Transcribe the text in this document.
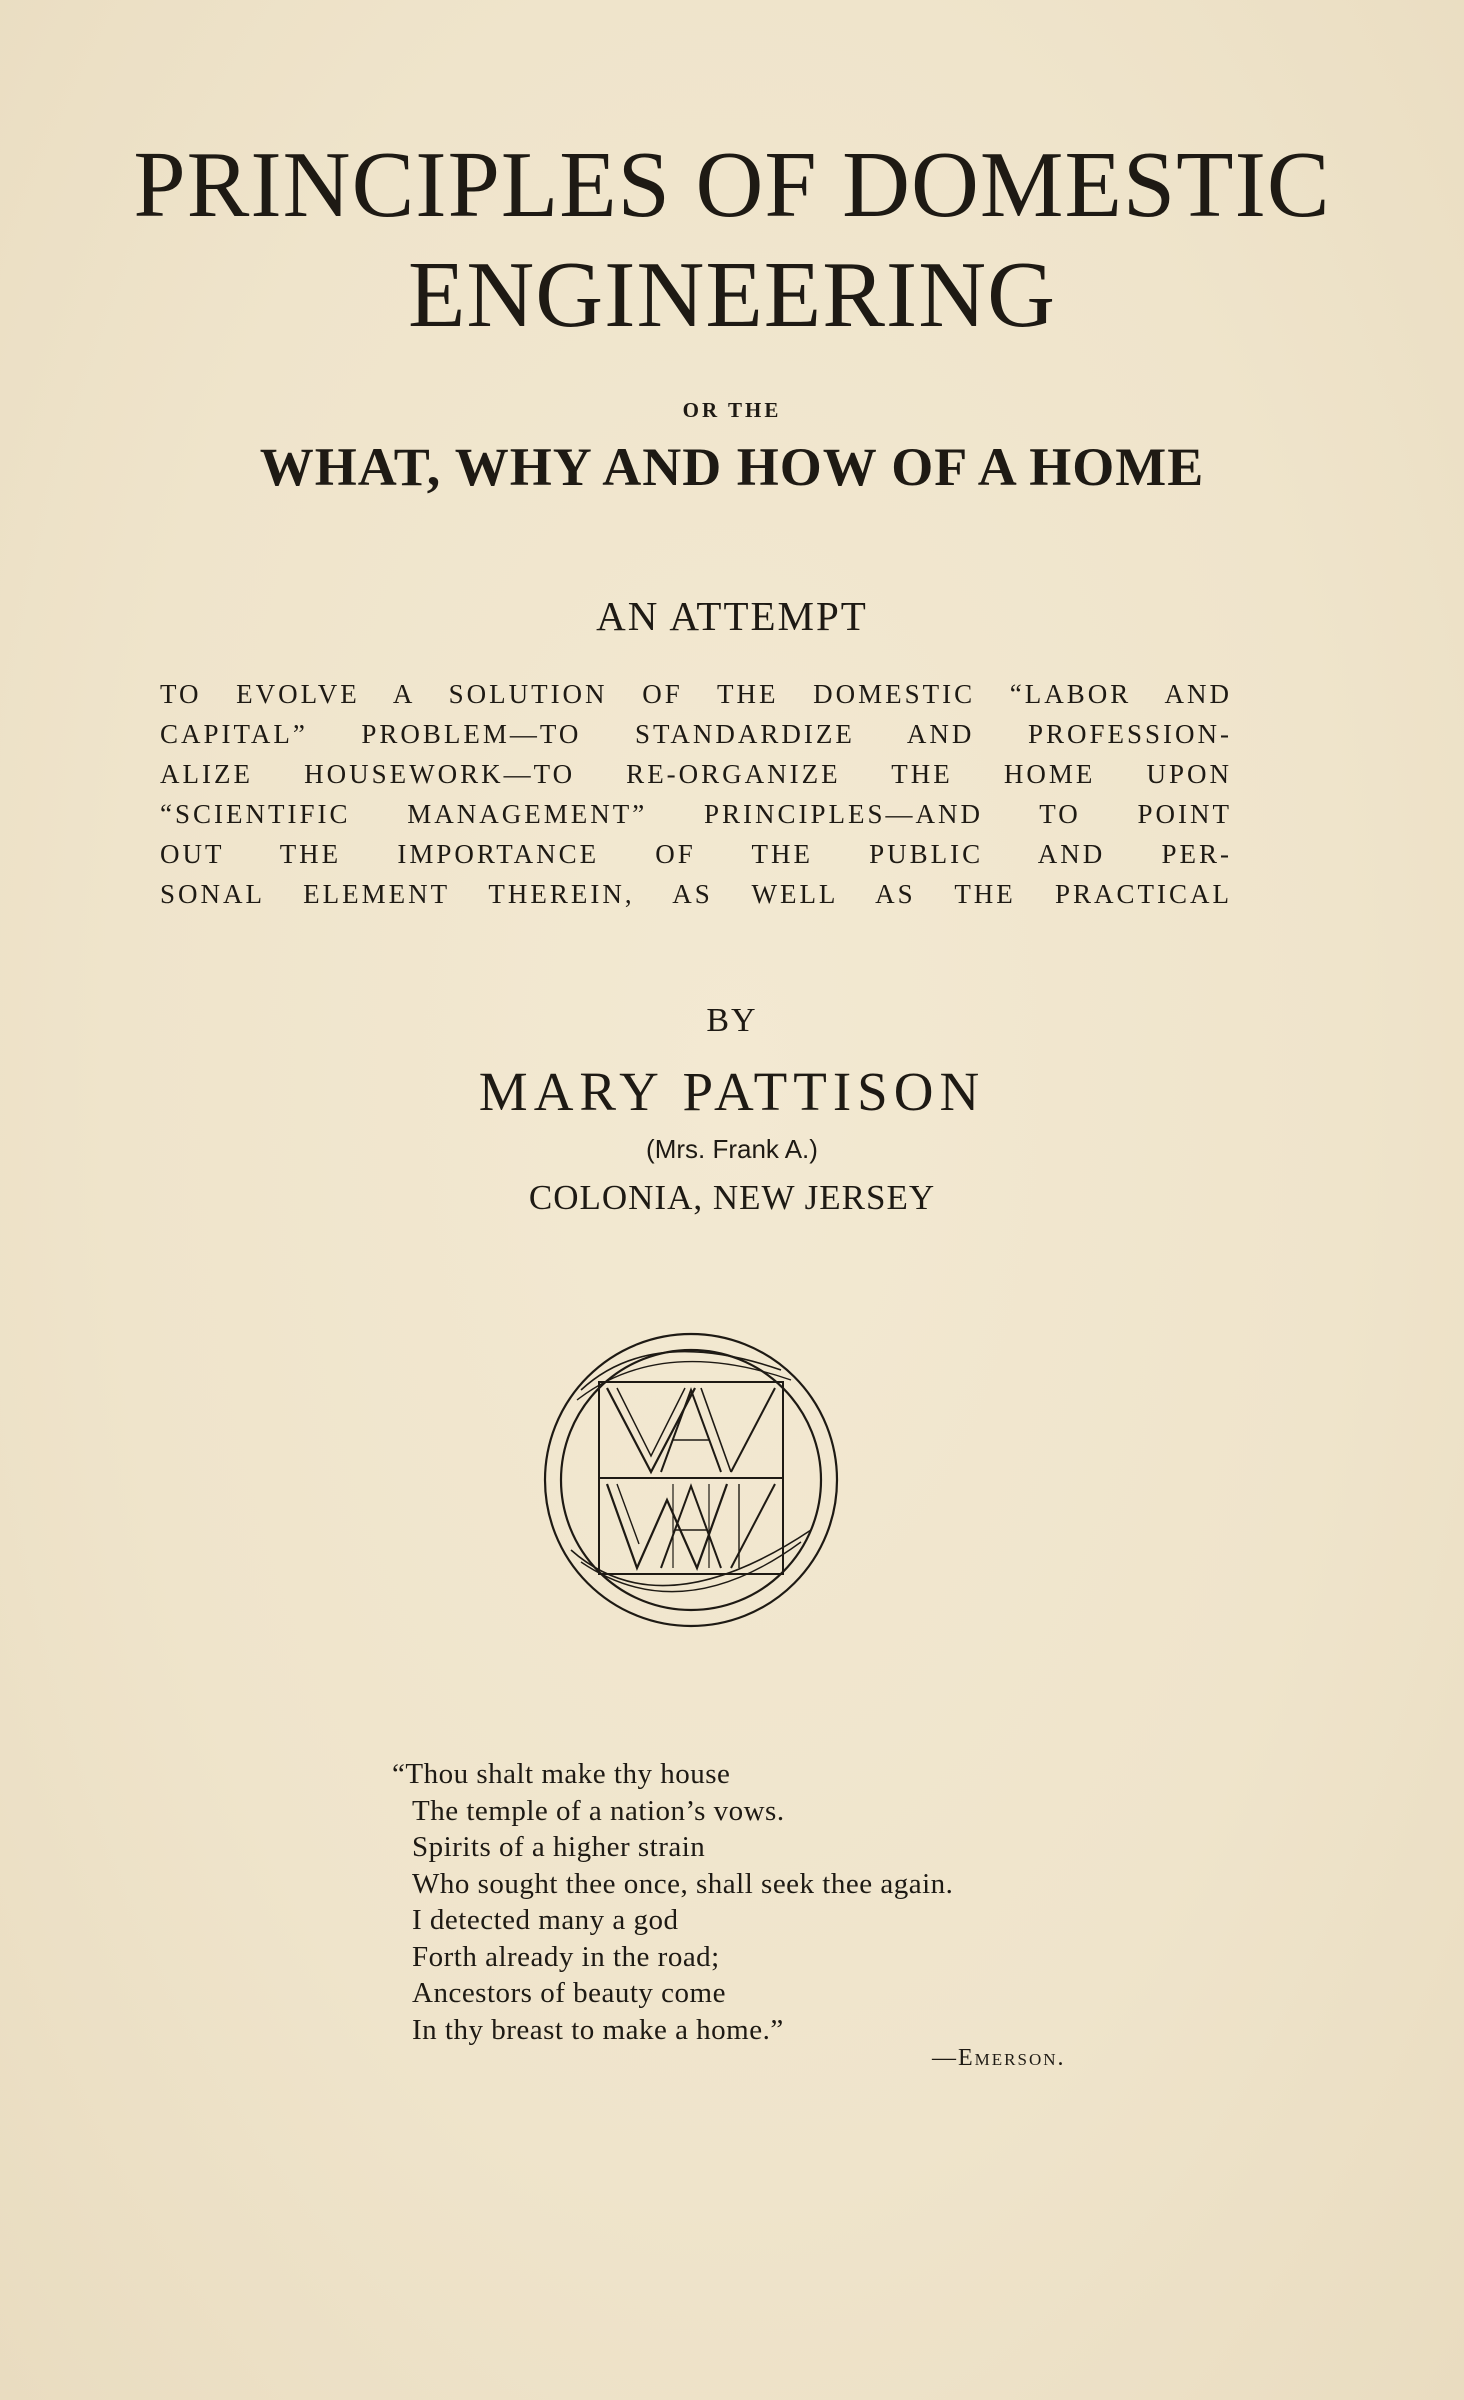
PRINCIPLES OF DOMESTIC
ENGINEERING
OR THE
WHAT, WHY AND HOW OF A HOME
AN ATTEMPT

TO EVOLVE A SOLUTION OF THE DOMESTIC “LABOR AND
CAPITAL” PROBLEM—TO STANDARDIZE AND PROFESSION-
ALIZE HOUSEWORK—TO RE-ORGANIZE THE HOME UPON
“SCIENTIFIC MANAGEMENT” PRINCIPLES—AND TO POINT
OUT THE IMPORTANCE OF THE PUBLIC AND PER-
SONAL ELEMENT THEREIN, AS WELL AS THE PRACTICAL

BY
MARY PATTISON
(Mrs. Frank A.)
COLONIA, NEW JERSEY
“Thou shalt make thy house
The temple of a nation’s vows.
Spirits of a higher strain
Who sought thee once, shall seek thee again.
I detected many a god
Forth already in the road;
Ancestors of beauty come
In thy breast to make a home.”
—Emerson.
